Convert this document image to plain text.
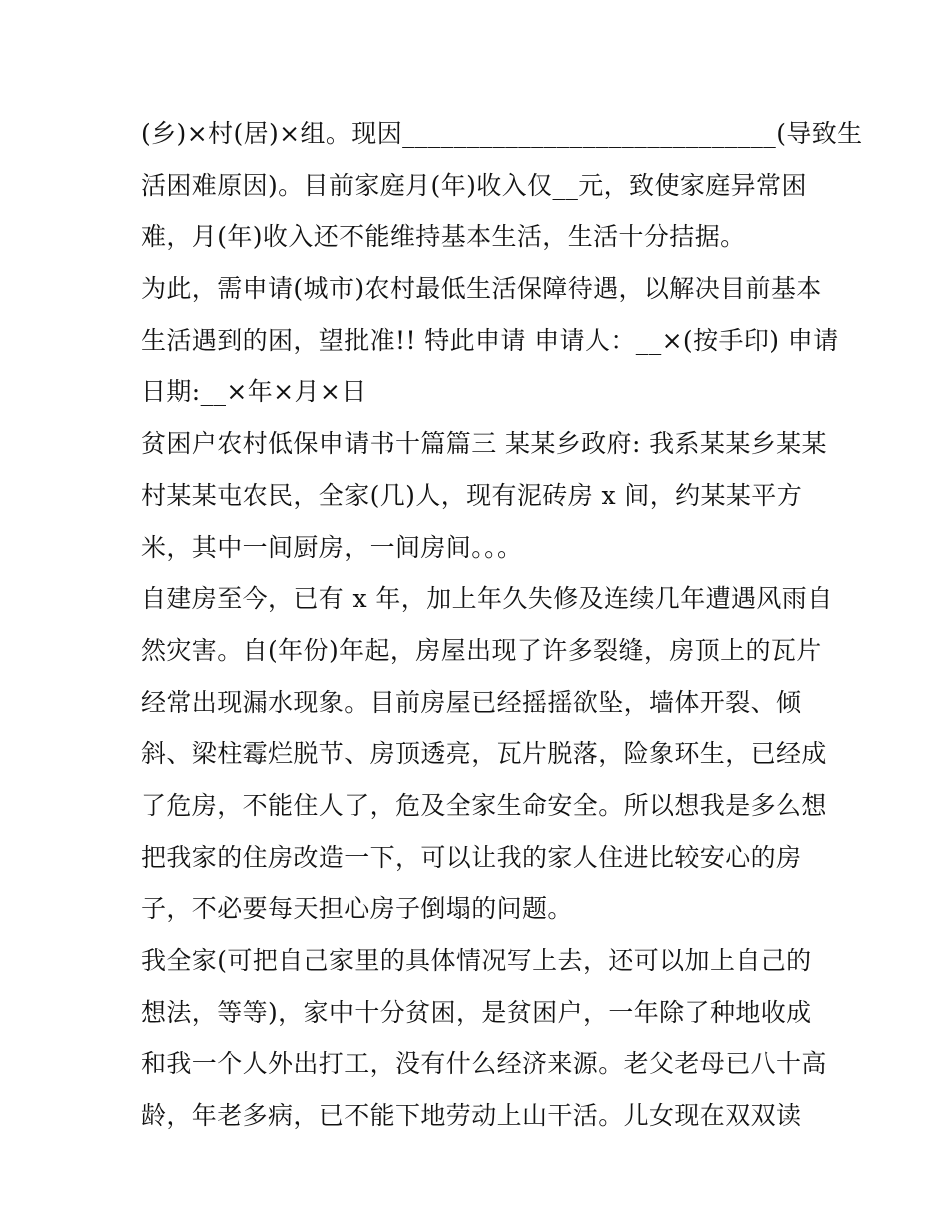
(乡)×村(居)×组。现因_____________________________(导致生
活困难原因)。目前家庭月(年)收入仅__元，致使家庭异常困
难，月(年)收入还不能维持基本生活，生活十分拮据。
为此，需申请(城市)农村最低生活保障待遇，以解决目前基本
生活遇到的困，望批准!! 特此申请 申请人：__×(按手印) 申请
日期:__×年×月×日
贫困户农村低保申请书十篇篇三 某某乡政府: 我系某某乡某某
村某某屯农民，全家(几)人，现有泥砖房 x 间，约某某平方
米，其中一间厨房，一间房间。。。
自建房至今，已有 x 年，加上年久失修及连续几年遭遇风雨自
然灾害。自(年份)年起，房屋出现了许多裂缝，房顶上的瓦片
经常出现漏水现象。目前房屋已经摇摇欲坠，墙体开裂、倾
斜、梁柱霉烂脱节、房顶透亮，瓦片脱落，险象环生，已经成
了危房，不能住人了，危及全家生命安全。所以想我是多么想
把我家的住房改造一下，可以让我的家人住进比较安心的房
子，不必要每天担心房子倒塌的问题。
我全家(可把自己家里的具体情况写上去，还可以加上自己的
想法，等等)，家中十分贫困，是贫困户，一年除了种地收成
和我一个人外出打工，没有什么经济来源。老父老母已八十高
龄，年老多病，已不能下地劳动上山干活。儿女现在双双读
